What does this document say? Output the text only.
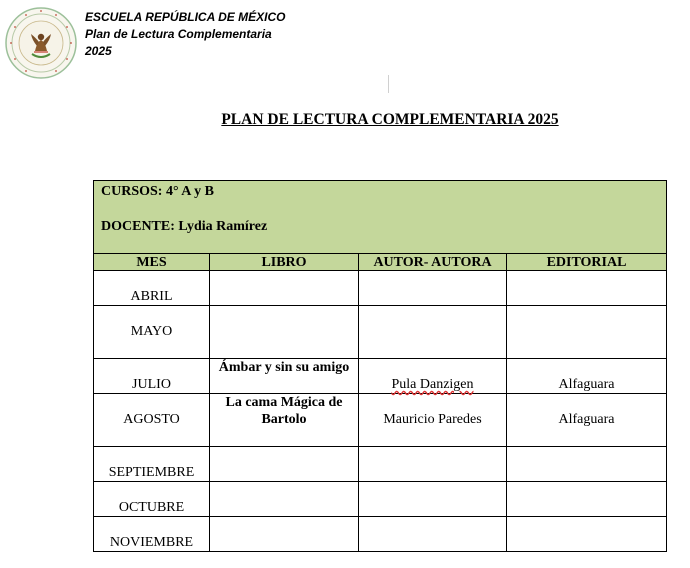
ESCUELA REPÚBLICA DE MÉXICO
Plan de Lectura Complementaria
2025
PLAN DE LECTURA COMPLEMENTARIA 2025
CURSOS: 4° A y B
DOCENTE: Lydia Ramírez			

MES	LIBRO	AUTOR- AUTORA	EDITORIAL
ABRIL			
MAYO			
JULIO	Ámbar y sin su amigo	Pula Danzigen	Alfaguara
AGOSTO	La cama Mágica de Bartolo	Mauricio Paredes	Alfaguara
SEPTIEMBRE			
OCTUBRE			
NOVIEMBRE			
